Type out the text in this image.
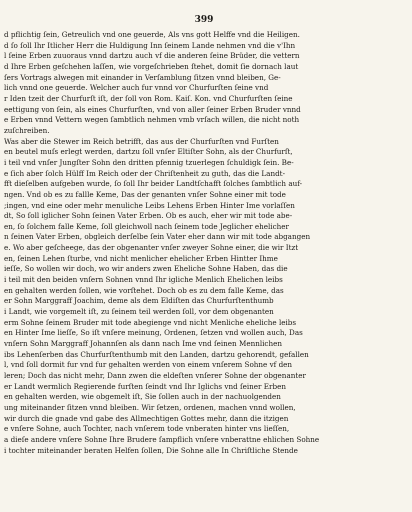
399
d pflichtig ſein, Getreulich vnd one geuerde, Als vns gott Helffe vnd die Heiligen.
d ſo ſoll Ihr Itlicher Herr die Huldigung Inn ſeinem Lande nehmen vnd die v'Ihn
l ſeine Erben zuuoraus vnnd dartzu auch vf die anderen ſeine Brüder, die vettern
d Ihre Erben geſchehen laſſen, wie vorgeſchrieben ſtehet, domit ſie dornach laut
ſers Vortrags alwegen mit einander in Verſamblung ſitzen vnnd bleiben, Ge-
lich vnnd one geuerde. Welcher auch fur vnnd vor Churfurſten ſeine vnd
r Iden tzeit der Churfurſt iſt, der ſoll von Rom. Kaiſ. Kon. vnd Churfurſten ſeine
eettigung von ſein, als eines Churfurſten, vnd von aller ſeiner Erben Bruder vnnd
e Erben vnnd Vettern wegen ſambtlich nehmen vmb vrſach willen, die nicht noth
zuſchreiben.
Was aber die Stewer im Reich betrifft, das aus der Churfurſten vnd Furſten
en beutel muſs erlegt werden, dartzu ſoll vnſer Eltiſter Sohn, als der Churfurſt,
i teil vnd vnſer Jungſter Sohn den dritten pfennig tzuerlegen ſchuldigk ſein. Be-
e ſich aber ſolch Hülff Im Reich oder der Chriſtenheit zu guth, das die Landt-
fft dieſelben aufgeben wurde, ſo ſoll Ihr beider Landtſchafft ſolches ſambtlich auf-
ngen. Vnd ob es zu fallle Keme, Das der genanten vnſer Sohne einer mit tode
;ingen, vnd eine oder mehr menuliche Leibs Lehens Erben Hinter Ime vorlaſſen
dt, So ſoll iglicher Sohn ſeinen Vater Erben. Ob es auch, eher wir mit tode abe-
en, ſo ſolchem falle Keme, ſoll gleichwoll nach ſeinem tode Jeglicher ehelicher
n ſeinen Vater Erben, obgleich derſelbe ſein Vater eher dann wir mit tode abgangen
e. Wo aber geſcheege, das der obgenanter vnſer zweyer Sohne einer, die wir Itzt
en, ſeinen Lehen ſturbe, vnd nicht menlicher ehelicher Erben Hintter Ihme
ieſſe, So wollen wir doch, wo wir anders zwen Eheliche Sohne Haben, das die
i teil mit den beiden vnſern Sohnen vnnd Ihr igliche Menlich Ehelichen leibs
en gehalten werden ſollen, wie vorſtehet. Doch ob es zu dem falle Keme, das
er Sohn Marggraff Joachim, deme als dem Eldiſten das Churfurſtenthumb
i Landt, wie vorgemelt iſt, zu ſeinem teil werden ſoll, vor dem obgenanten
erm Sohne ſeinem Bruder mit tode abegienge vnd nicht Menliche eheliche leibs
en Hinter Ime lieſſe, So iſt vnſere meinung, Ordenen, ſetzen vnd wollen auch, Das
vnſern Sohn Marggraff Johannſen als dann nach Ime vnd ſeinen Mennlichen
ibs Lehenſerben das Churfurſtenthumb mit den Landen, dartzu gehorendt, gefallen
l, vnd ſoll dormit fur vnd fur gehalten werden von einem vnſerem Sohne vf den
leren; Doch das nicht mehr, Dann zwen die eldeſten vnſerer Sohne der obgenanter
er Landt wermlich Regierende furſten ſeindt vnd Ihr Iglichs vnd ſeiner Erben
en gehalten werden, wie obgemelt iſt, Sie ſollen auch in der nachuolgenden
ung miteinander ſitzen vnnd bleiben. Wir ſetzen, ordenen, machen vnnd wollen,
wir durch die gnade vnd gabe des Allmechtigen Gottes mehr, dann die itzigen
e vnſere Sohne, auch Tochter, nach vnſerem tode vnberaten hinter vns lieſſen,
a dieſe andere vnſere Sohne Ihre Brudere ſampflich vnſere vnberattne ehlichen Sohne
i tochter miteinander beraten Helfen ſollen, Die Sohne alle In Chriſtliche Stende
